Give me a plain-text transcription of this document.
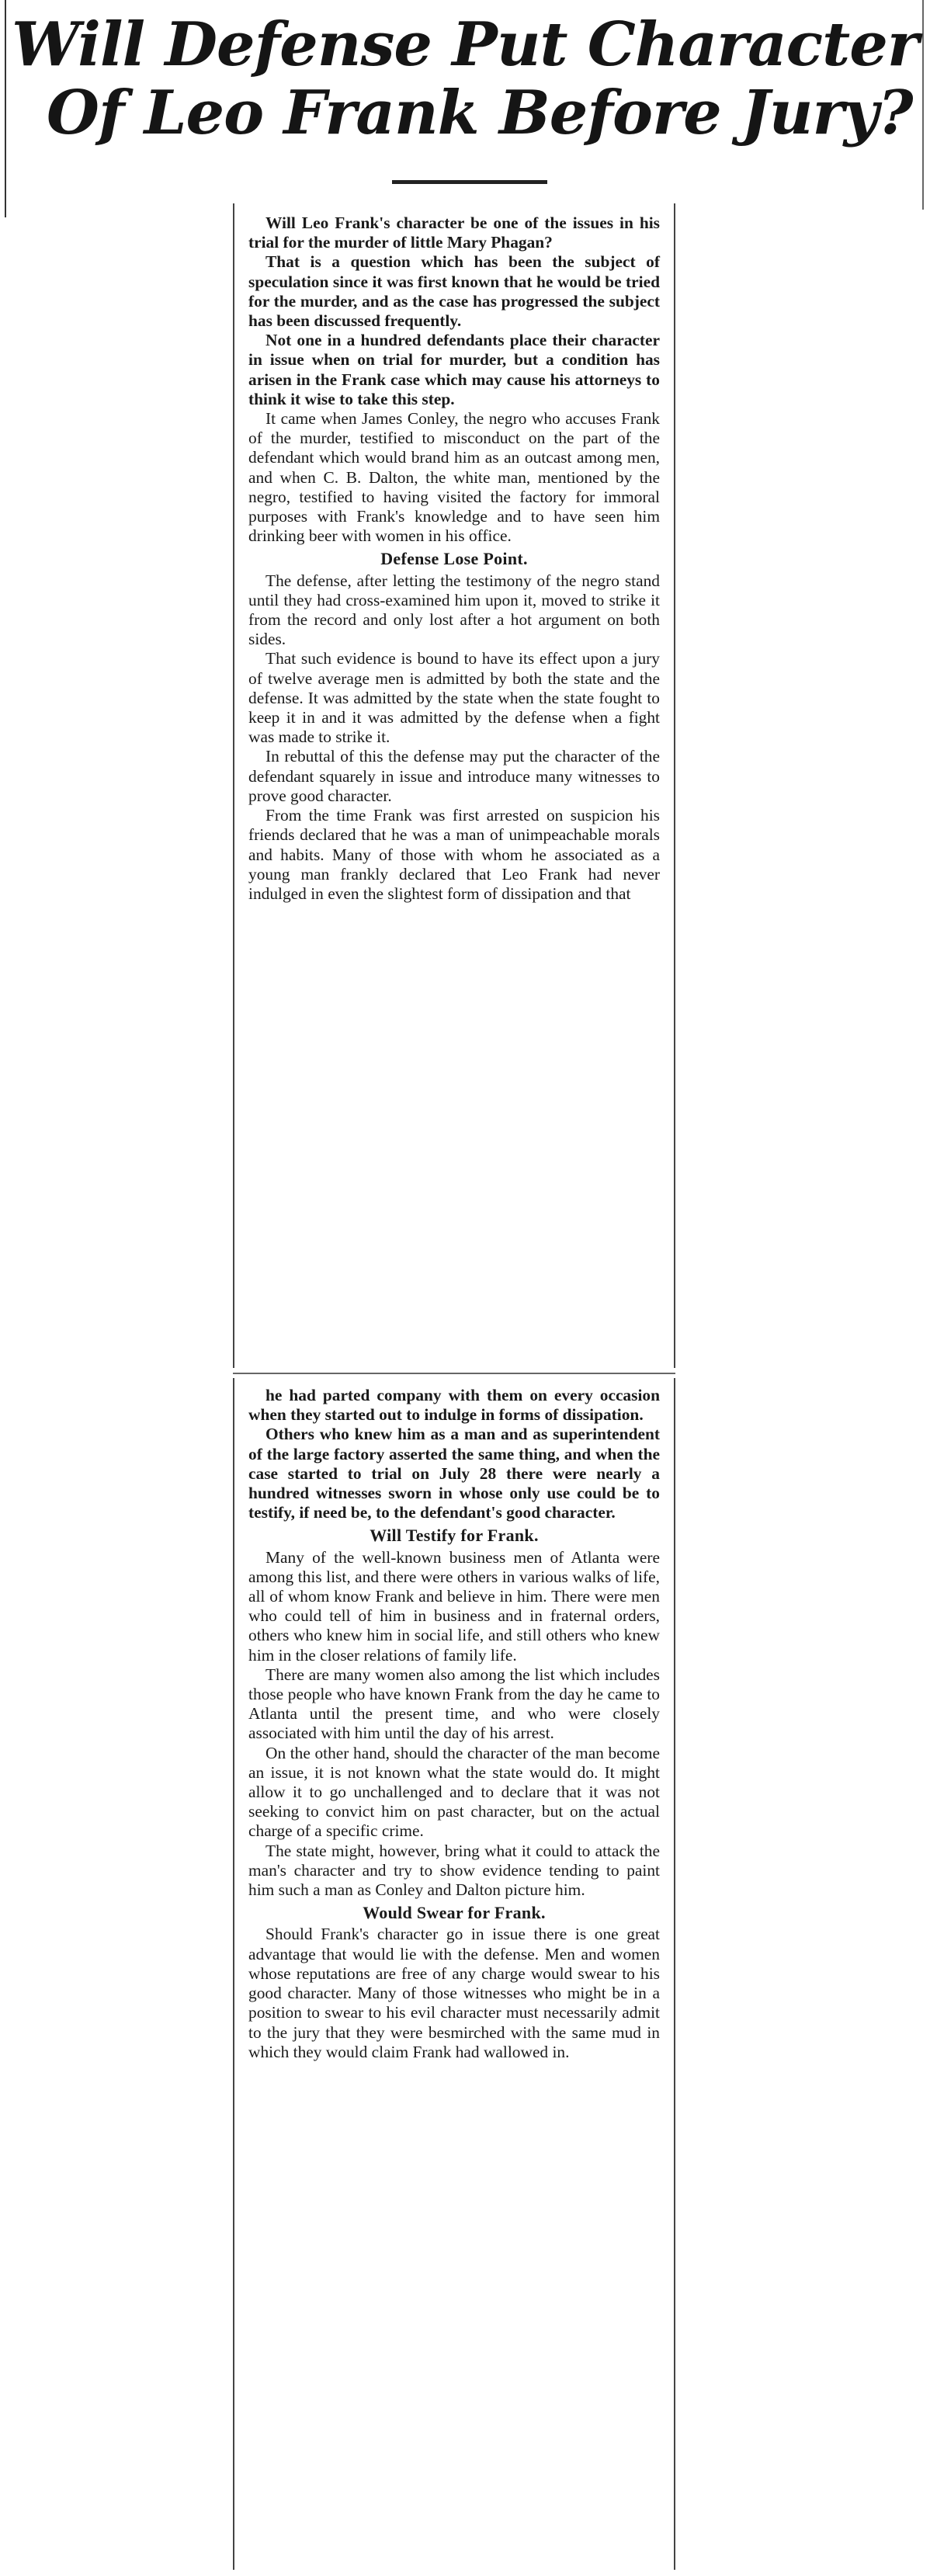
Will Defense Put Character
Of Leo Frank Before Jury?

Will Leo Frank's character be one of the issues in his trial for the murder of little Mary Phagan?

That is a question which has been the subject of speculation since it was first known that he would be tried for the murder, and as the case has progressed the subject has been discussed frequently.

Not one in a hundred defendants place their character in issue when on trial for murder, but a condition has arisen in the Frank case which may cause his attorneys to think it wise to take this step.

It came when James Conley, the negro who accuses Frank of the murder, testified to misconduct on the part of the defendant which would brand him as an outcast among men, and when C. B. Dalton, the white man, mentioned by the negro, testified to having visited the factory for immoral purposes with Frank's knowledge and to have seen him drinking beer with women in his office.

Defense Lose Point.

The defense, after letting the testimony of the negro stand until they had cross-examined him upon it, moved to strike it from the record and only lost after a hot argument on both sides.

That such evidence is bound to have its effect upon a jury of twelve average men is admitted by both the state and the defense. It was admitted by the state when the state fought to keep it in and it was admitted by the defense when a fight was made to strike it.

In rebuttal of this the defense may put the character of the defendant squarely in issue and introduce many witnesses to prove good character.

From the time Frank was first arrested on suspicion his friends declared that he was a man of unimpeachable morals and habits. Many of those with whom he associated as a young man frankly declared that Leo Frank had never indulged in even the slightest form of dissipation and that

he had parted company with them on every occasion when they started out to indulge in forms of dissipation.

Others who knew him as a man and as superintendent of the large factory asserted the same thing, and when the case started to trial on July 28 there were nearly a hundred witnesses sworn in whose only use could be to testify, if need be, to the defendant's good character.

Will Testify for Frank.

Many of the well-known business men of Atlanta were among this list, and there were others in various walks of life, all of whom know Frank and believe in him. There were men who could tell of him in business and in fraternal orders, others who knew him in social life, and still others who knew him in the closer relations of family life.

There are many women also among the list which includes those people who have known Frank from the day he came to Atlanta until the present time, and who were closely associated with him until the day of his arrest.

On the other hand, should the character of the man become an issue, it is not known what the state would do. It might allow it to go unchallenged and to declare that it was not seeking to convict him on past character, but on the actual charge of a specific crime.

The state might, however, bring what it could to attack the man's character and try to show evidence tending to paint him such a man as Conley and Dalton picture him.

Would Swear for Frank.

Should Frank's character go in issue there is one great advantage that would lie with the defense. Men and women whose reputations are free of any charge would swear to his good character. Many of those witnesses who might be in a position to swear to his evil character must necessarily admit to the jury that they were besmirched with the same mud in which they would claim Frank had wallowed in.
